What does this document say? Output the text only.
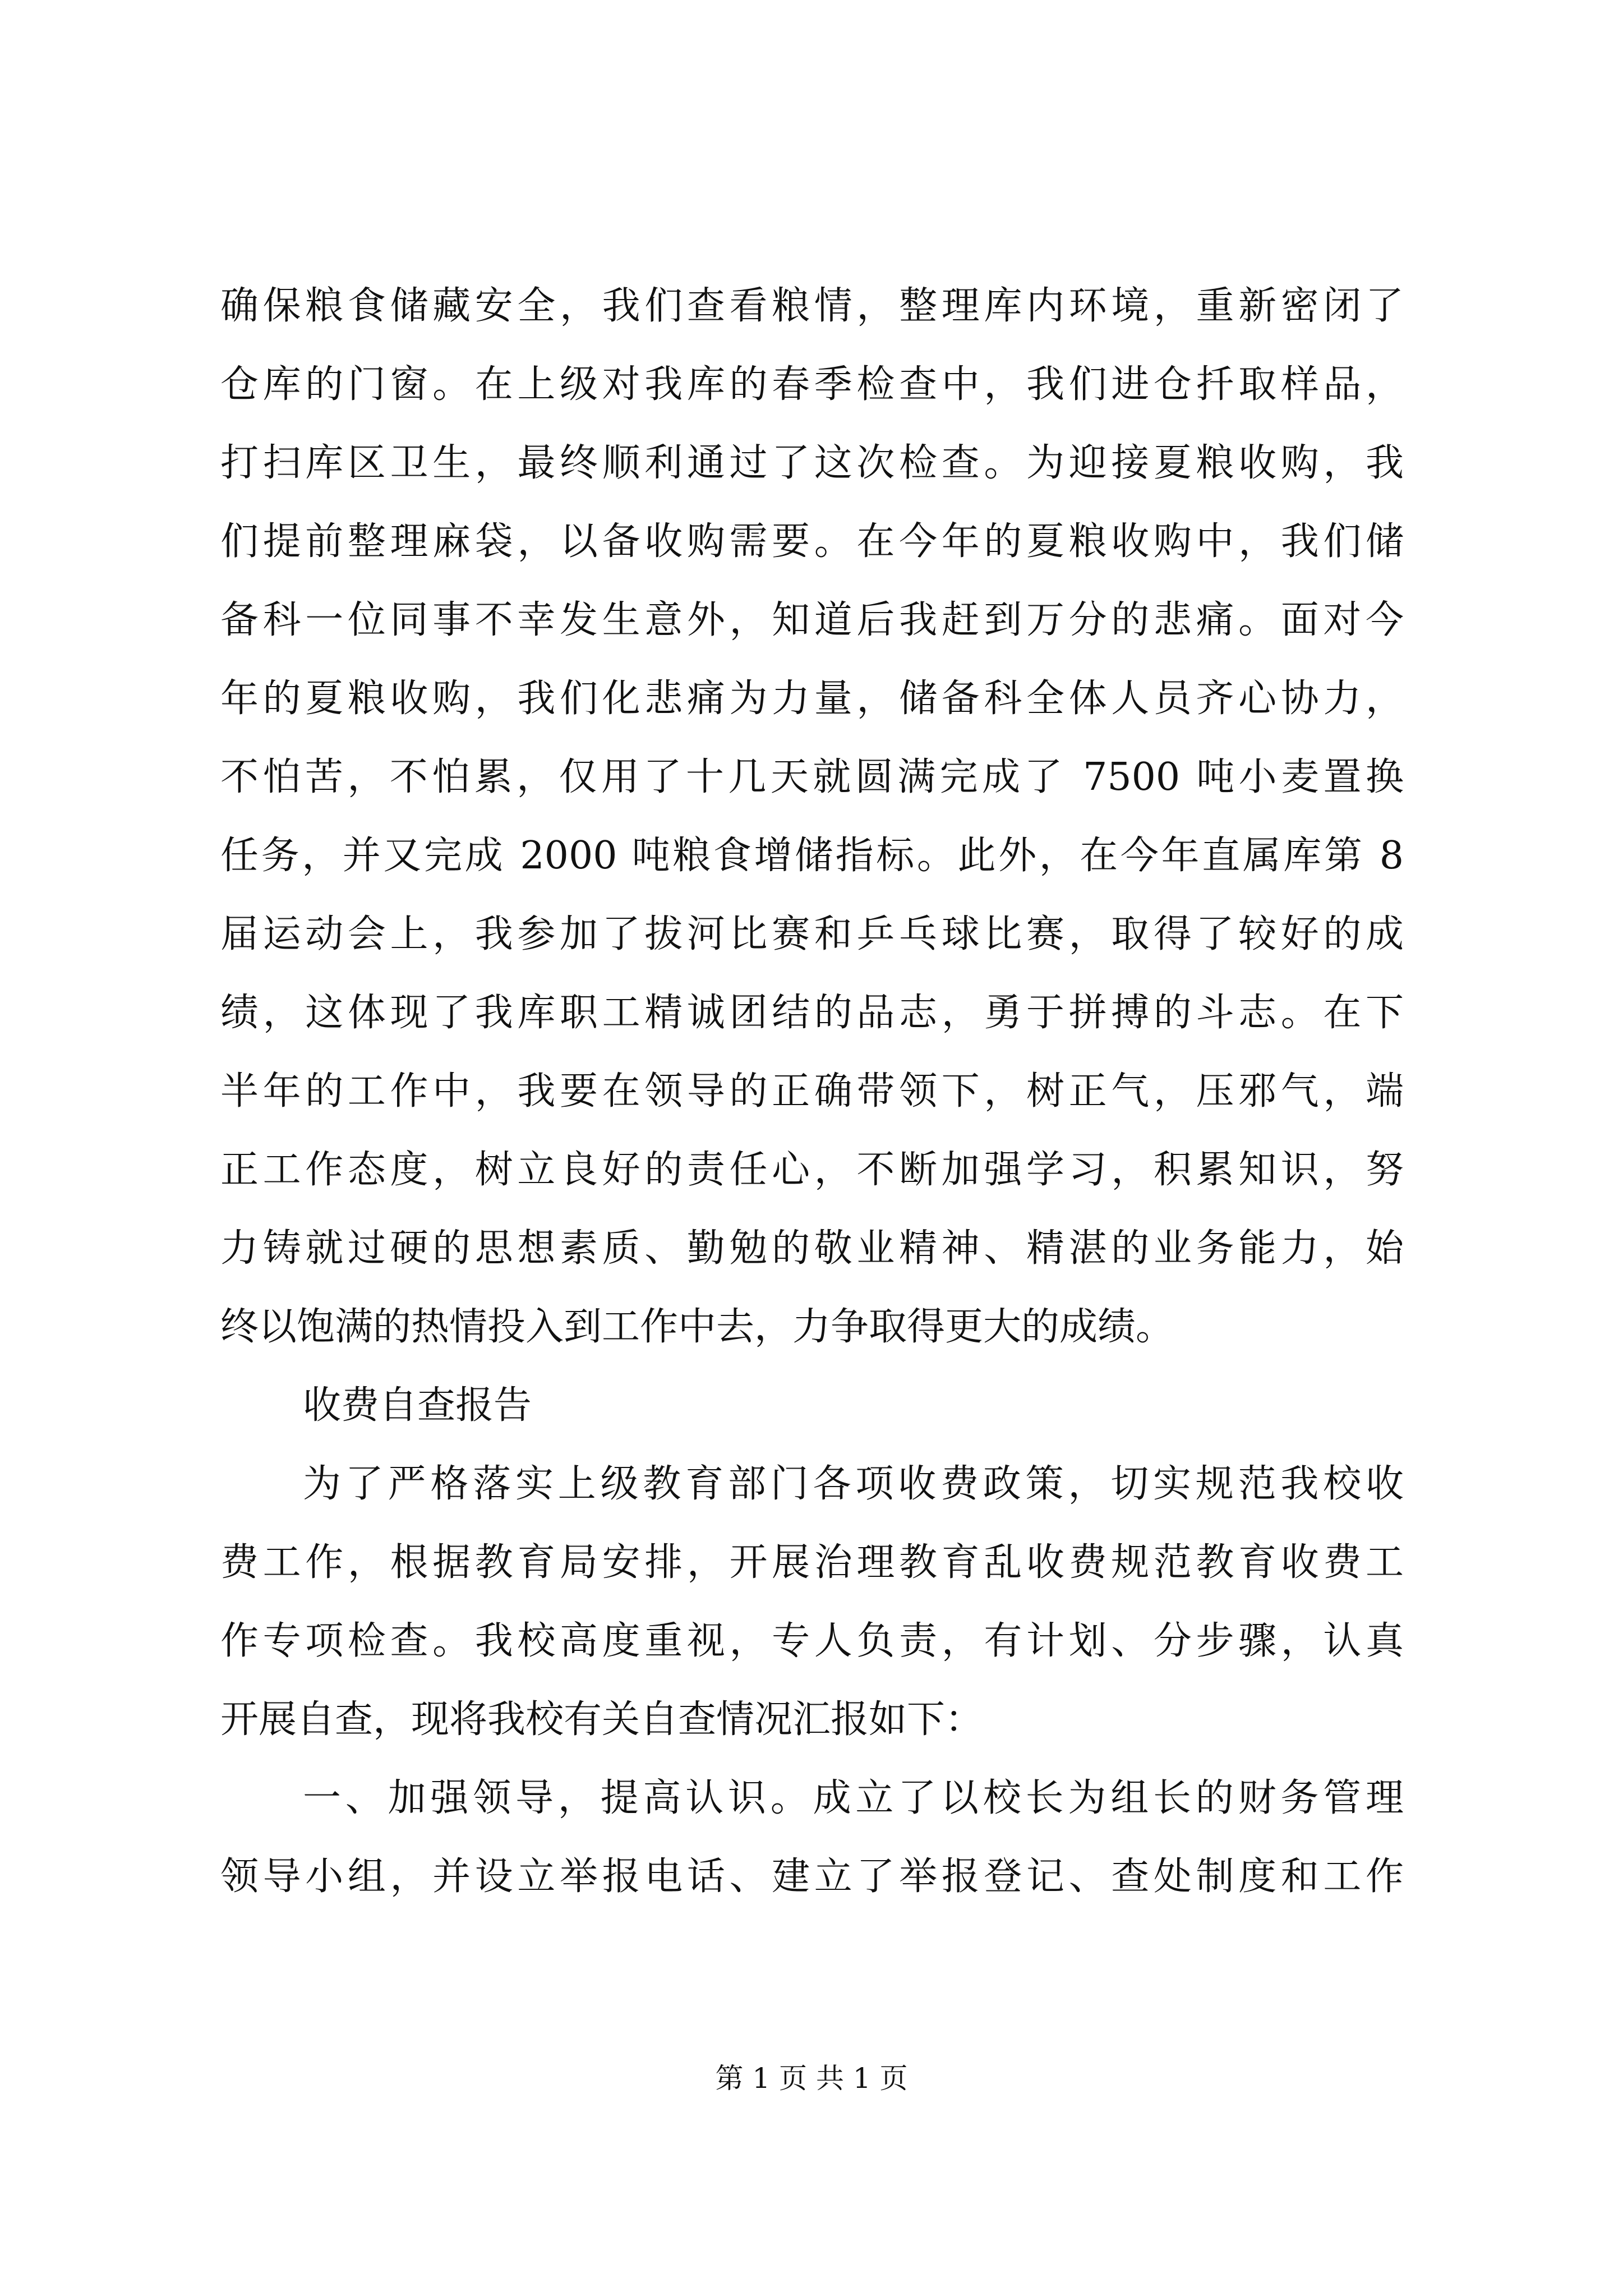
确保粮食储藏安全，我们查看粮情，整理库内环境，重新密闭了
仓库的门窗。在上级对我库的春季检查中，我们进仓扦取样品，
打扫库区卫生，最终顺利通过了这次检查。为迎接夏粮收购，我
们提前整理麻袋，以备收购需要。在今年的夏粮收购中，我们储
备科一位同事不幸发生意外，知道后我赶到万分的悲痛。面对今
年的夏粮收购，我们化悲痛为力量，储备科全体人员齐心协力，
不怕苦，不怕累，仅用了十几天就圆满完成了 7500 吨小麦置换
任务，并又完成 2000 吨粮食增储指标。此外，在今年直属库第 8
届运动会上，我参加了拔河比赛和乒乓球比赛，取得了较好的成
绩，这体现了我库职工精诚团结的品志，勇于拼搏的斗志。在下
半年的工作中，我要在领导的正确带领下，树正气，压邪气，端
正工作态度，树立良好的责任心，不断加强学习，积累知识，努
力铸就过硬的思想素质、勤勉的敬业精神、精湛的业务能力，始
终以饱满的热情投入到工作中去，力争取得更大的成绩。
收费自查报告
为了严格落实上级教育部门各项收费政策，切实规范我校收
费工作，根据教育局安排，开展治理教育乱收费规范教育收费工
作专项检查。我校高度重视，专人负责，有计划、分步骤，认真
开展自查，现将我校有关自查情况汇报如下：
一、加强领导，提高认识。成立了以校长为组长的财务管理
领导小组，并设立举报电话、建立了举报登记、查处制度和工作
第 1 页 共 1 页
